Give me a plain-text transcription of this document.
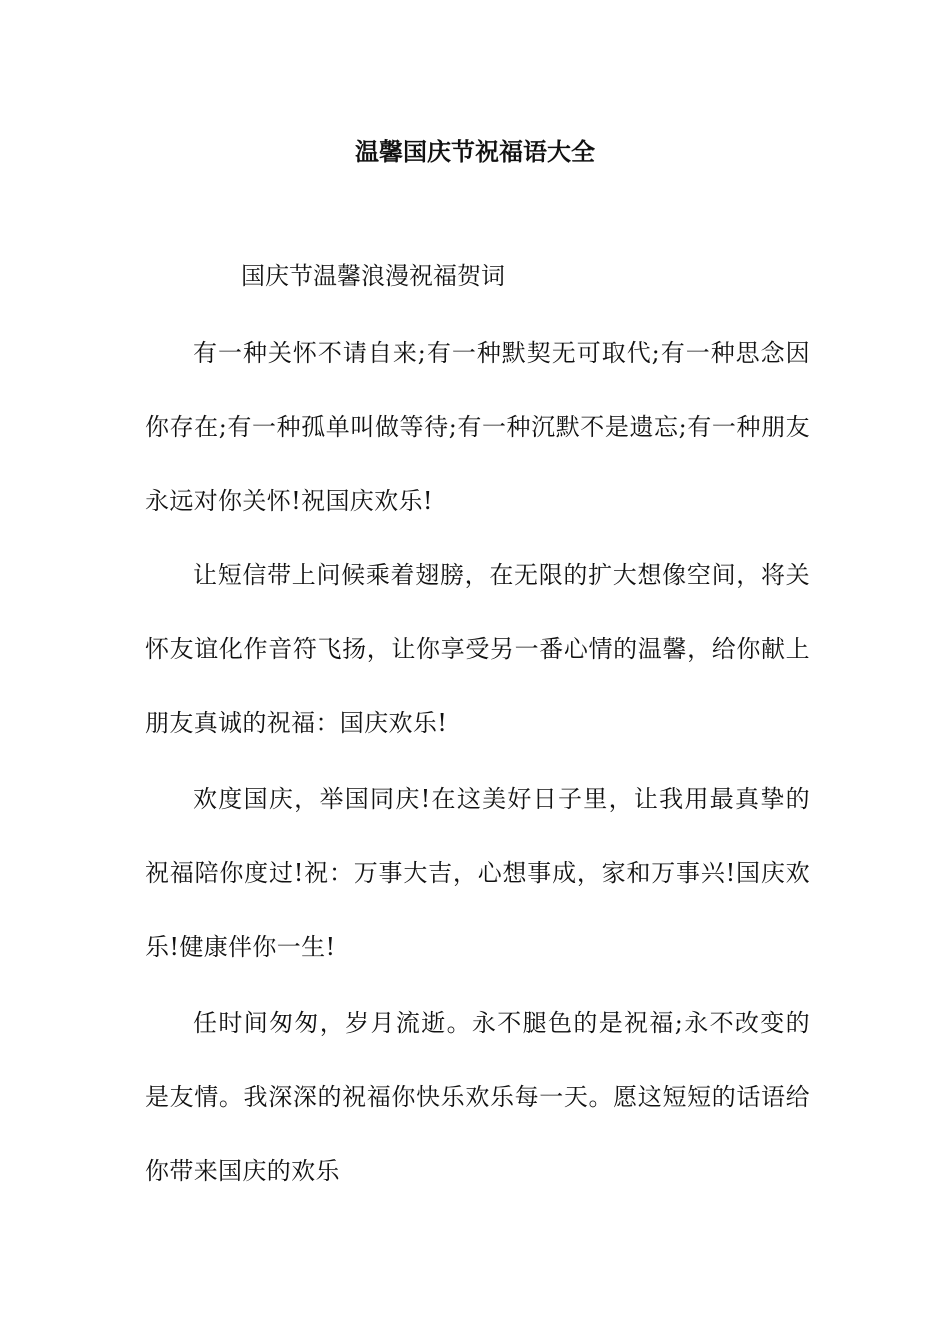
温馨国庆节祝福语大全
国庆节温馨浪漫祝福贺词
有一种关怀不请自来;有一种默契无可取代;有一种思念因你存在;有一种孤单叫做等待;有一种沉默不是遗忘;有一种朋友永远对你关怀!祝国庆欢乐!
让短信带上问候乘着翅膀，在无限的扩大想像空间，将关怀友谊化作音符飞扬，让你享受另一番心情的温馨，给你献上朋友真诚的祝福：国庆欢乐!
欢度国庆，举国同庆!在这美好日子里，让我用最真挚的祝福陪你度过!祝：万事大吉，心想事成，家和万事兴!国庆欢乐!健康伴你一生!
任时间匆匆，岁月流逝。永不腿色的是祝福;永不改变的是友情。我深深的祝福你快乐欢乐每一天。愿这短短的话语给你带来国庆的欢乐
